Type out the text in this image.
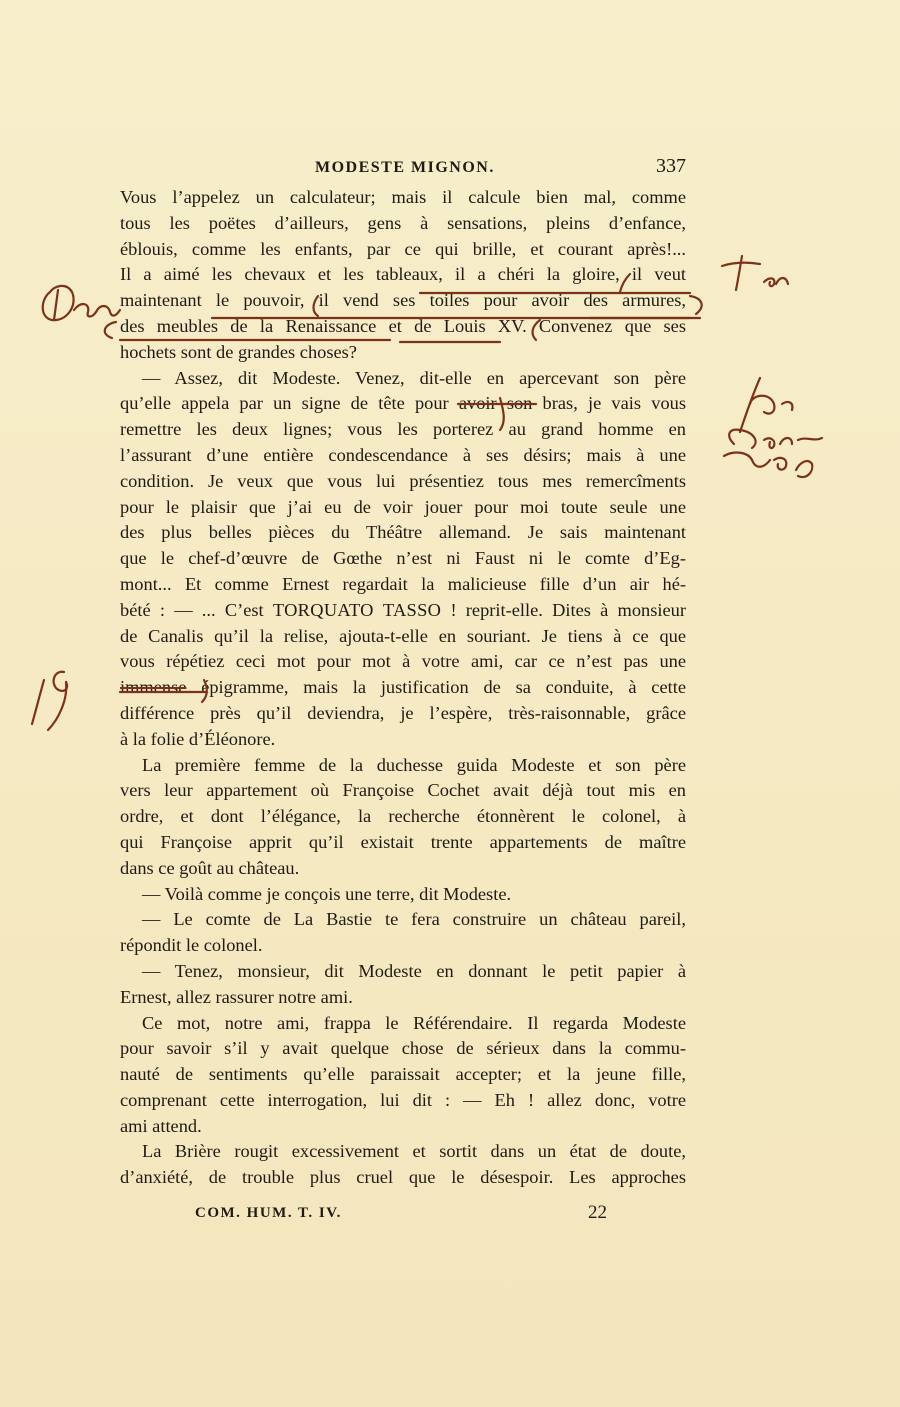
MODESTE MIGNON.	337
Vous l’appelez un calculateur; mais il calcule bien mal, comme
tous les poëtes d’ailleurs, gens à sensations, pleins d’enfance,
éblouis, comme les enfants, par ce qui brille, et courant après!...
Il a aimé les chevaux et les tableaux, il a chéri la gloire, il veut
maintenant le pouvoir, il vend ses toiles pour avoir des armures,
des meubles de la Renaissance et de Louis XV. Convenez que ses
hochets sont de grandes choses?
— Assez, dit Modeste. Venez, dit-elle en apercevant son père
qu’elle appela par un signe de tête pour avoir son bras, je vais vous
remettre les deux lignes; vous les porterez au grand homme en
l’assurant d’une entière condescendance à ses désirs; mais à une
condition. Je veux que vous lui présentiez tous mes remercîments
pour le plaisir que j’ai eu de voir jouer pour moi toute seule une
des plus belles pièces du Théâtre allemand. Je sais maintenant
que le chef-d’œuvre de Gœthe n’est ni Faust ni le comte d’Eg-
mont... Et comme Ernest regardait la malicieuse fille d’un air hé-
bété : — ... C’est TORQUATO TASSO ! reprit-elle. Dites à monsieur
de Canalis qu’il la relise, ajouta-t-elle en souriant. Je tiens à ce que
vous répétiez ceci mot pour mot à votre ami, car ce n’est pas une
immense épigramme, mais la justification de sa conduite, à cette
différence près qu’il deviendra, je l’espère, très-raisonnable, grâce
à la folie d’Éléonore.
La première femme de la duchesse guida Modeste et son père
vers leur appartement où Françoise Cochet avait déjà tout mis en
ordre, et dont l’élégance, la recherche étonnèrent le colonel, à
qui Françoise apprit qu’il existait trente appartements de maître
dans ce goût au château.
— Voilà comme je conçois une terre, dit Modeste.
— Le comte de La Bastie te fera construire un château pareil,
répondit le colonel.
— Tenez, monsieur, dit Modeste en donnant le petit papier à
Ernest, allez rassurer notre ami.
Ce mot, notre ami, frappa le Référendaire. Il regarda Modeste
pour savoir s’il y avait quelque chose de sérieux dans la commu-
nauté de sentiments qu’elle paraissait accepter; et la jeune fille,
comprenant cette interrogation, lui dit : — Eh ! allez donc, votre
ami attend.
La Brière rougit excessivement et sortit dans un état de doute,
d’anxiété, de trouble plus cruel que le désespoir. Les approches
COM. HUM. T. IV.	22
